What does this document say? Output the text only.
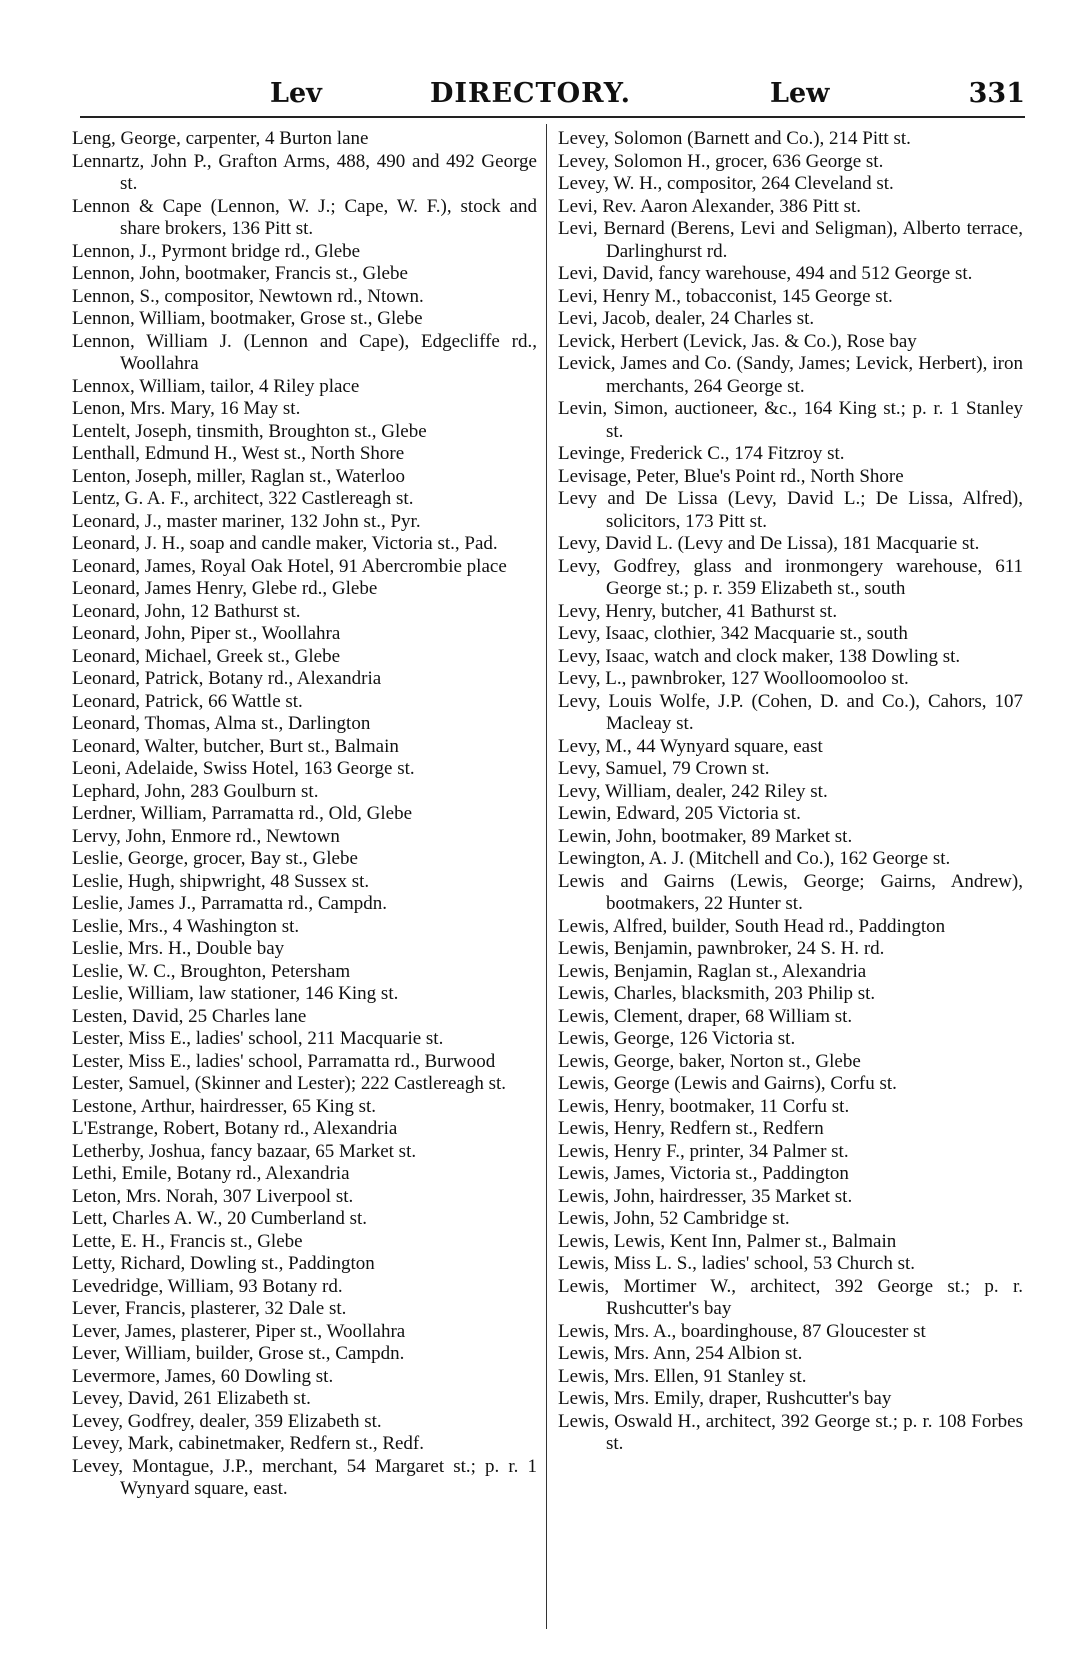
Lev	DIRECTORY.	Lew	331
Leng, George, carpenter, 4 Burton lane
Lennartz, John P., Grafton Arms, 488, 490 and 492 George st.
Lennon & Cape (Lennon, W. J.; Cape, W. F.), stock and share brokers, 136 Pitt st.
Lennon, J., Pyrmont bridge rd., Glebe
Lennon, John, bootmaker, Francis st., Glebe
Lennon, S., compositor, Newtown rd., Ntown.
Lennon, William, bootmaker, Grose st., Glebe
Lennon, William J. (Lennon and Cape), Edgecliffe rd., Woollahra
Lennox, William, tailor, 4 Riley place
Lenon, Mrs. Mary, 16 May st.
Lentelt, Joseph, tinsmith, Broughton st., Glebe
Lenthall, Edmund H., West st., North Shore
Lenton, Joseph, miller, Raglan st., Waterloo
Lentz, G. A. F., architect, 322 Castlereagh st.
Leonard, J., master mariner, 132 John st., Pyr.
Leonard, J. H., soap and candle maker, Victoria st., Pad.
Leonard, James, Royal Oak Hotel, 91 Abercrombie place
Leonard, James Henry, Glebe rd., Glebe
Leonard, John, 12 Bathurst st.
Leonard, John, Piper st., Woollahra
Leonard, Michael, Greek st., Glebe
Leonard, Patrick, Botany rd., Alexandria
Leonard, Patrick, 66 Wattle st.
Leonard, Thomas, Alma st., Darlington
Leonard, Walter, butcher, Burt st., Balmain
Leoni, Adelaide, Swiss Hotel, 163 George st.
Lephard, John, 283 Goulburn st.
Lerdner, William, Parramatta rd., Old, Glebe
Lervy, John, Enmore rd., Newtown
Leslie, George, grocer, Bay st., Glebe
Leslie, Hugh, shipwright, 48 Sussex st.
Leslie, James J., Parramatta rd., Campdn.
Leslie, Mrs., 4 Washington st.
Leslie, Mrs. H., Double bay
Leslie, W. C., Broughton, Petersham
Leslie, William, law stationer, 146 King st.
Lesten, David, 25 Charles lane
Lester, Miss E., ladies' school, 211 Macquarie st.
Lester, Miss E., ladies' school, Parramatta rd., Burwood
Lester, Samuel, (Skinner and Lester); 222 Castlereagh st.
Lestone, Arthur, hairdresser, 65 King st.
L'Estrange, Robert, Botany rd., Alexandria
Letherby, Joshua, fancy bazaar, 65 Market st.
Lethi, Emile, Botany rd., Alexandria
Leton, Mrs. Norah, 307 Liverpool st.
Lett, Charles A. W., 20 Cumberland st.
Lette, E. H., Francis st., Glebe
Letty, Richard, Dowling st., Paddington
Levedridge, William, 93 Botany rd.
Lever, Francis, plasterer, 32 Dale st.
Lever, James, plasterer, Piper st., Woollahra
Lever, William, builder, Grose st., Campdn.
Levermore, James, 60 Dowling st.
Levey, David, 261 Elizabeth st.
Levey, Godfrey, dealer, 359 Elizabeth st.
Levey, Mark, cabinetmaker, Redfern st., Redf.
Levey, Montague, J.P., merchant, 54 Margaret st.; p. r. 1 Wynyard square, east.
Levey, Solomon (Barnett and Co.), 214 Pitt st.
Levey, Solomon H., grocer, 636 George st.
Levey, W. H., compositor, 264 Cleveland st.
Levi, Rev. Aaron Alexander, 386 Pitt st.
Levi, Bernard (Berens, Levi and Seligman), Alberto terrace, Darlinghurst rd.
Levi, David, fancy warehouse, 494 and 512 George st.
Levi, Henry M., tobacconist, 145 George st.
Levi, Jacob, dealer, 24 Charles st.
Levick, Herbert (Levick, Jas. & Co.), Rose bay
Levick, James and Co. (Sandy, James; Levick, Herbert), iron merchants, 264 George st.
Levin, Simon, auctioneer, &c., 164 King st.; p. r. 1 Stanley st.
Levinge, Frederick C., 174 Fitzroy st.
Levisage, Peter, Blue's Point rd., North Shore
Levy and De Lissa (Levy, David L.; De Lissa, Alfred), solicitors, 173 Pitt st.
Levy, David L. (Levy and De Lissa), 181 Macquarie st.
Levy, Godfrey, glass and ironmongery warehouse, 611 George st.; p. r. 359 Elizabeth st., south
Levy, Henry, butcher, 41 Bathurst st.
Levy, Isaac, clothier, 342 Macquarie st., south
Levy, Isaac, watch and clock maker, 138 Dowling st.
Levy, L., pawnbroker, 127 Woolloomooloo st.
Levy, Louis Wolfe, J.P. (Cohen, D. and Co.), Cahors, 107 Macleay st.
Levy, M., 44 Wynyard square, east
Levy, Samuel, 79 Crown st.
Levy, William, dealer, 242 Riley st.
Lewin, Edward, 205 Victoria st.
Lewin, John, bootmaker, 89 Market st.
Lewington, A. J. (Mitchell and Co.), 162 George st.
Lewis and Gairns (Lewis, George; Gairns, Andrew), bootmakers, 22 Hunter st.
Lewis, Alfred, builder, South Head rd., Paddington
Lewis, Benjamin, pawnbroker, 24 S. H. rd.
Lewis, Benjamin, Raglan st., Alexandria
Lewis, Charles, blacksmith, 203 Philip st.
Lewis, Clement, draper, 68 William st.
Lewis, George, 126 Victoria st.
Lewis, George, baker, Norton st., Glebe
Lewis, George (Lewis and Gairns), Corfu st.
Lewis, Henry, bootmaker, 11 Corfu st.
Lewis, Henry, Redfern st., Redfern
Lewis, Henry F., printer, 34 Palmer st.
Lewis, James, Victoria st., Paddington
Lewis, John, hairdresser, 35 Market st.
Lewis, John, 52 Cambridge st.
Lewis, Lewis, Kent Inn, Palmer st., Balmain
Lewis, Miss L. S., ladies' school, 53 Church st.
Lewis, Mortimer W., architect, 392 George st.; p. r. Rushcutter's bay
Lewis, Mrs. A., boardinghouse, 87 Gloucester st
Lewis, Mrs. Ann, 254 Albion st.
Lewis, Mrs. Ellen, 91 Stanley st.
Lewis, Mrs. Emily, draper, Rushcutter's bay
Lewis, Oswald H., architect, 392 George st.; p. r. 108 Forbes st.
